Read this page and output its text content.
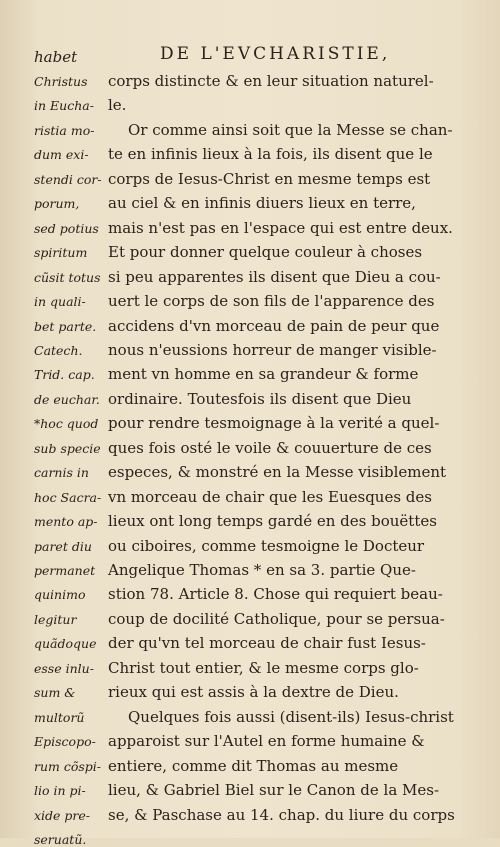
habet	DE L'EVCHARISTIE,
Christus
in Eucha-
ristia mo-
dum exi-
stendi cor-
porum,
sed potius
spiritum
cũsit totus
in quali-
bet parte.
Catech.
Trid. cap.
de euchar.
*hoc quod
sub specie
carnis in
hoc Sacra-
mento ap-
paret diu
permanet
quinimo
legitur
quãdoque
esse inlu-
sum &
multorũ
Episcopo-
rum cõspi-
lio in pi-
xide pre-
seruatũ.
corps distincte & en leur situation naturel-
le.
Or comme ainsi soit que la Messe se chan-
te en infinis lieux à la fois, ils disent que le
corps de Iesus-Christ en mesme temps est
au ciel & en infinis diuers lieux en terre,
mais n'est pas en l'espace qui est entre deux.
Et pour donner quelque couleur à choses
si peu apparentes ils disent que Dieu a cou-
uert le corps de son fils de l'apparence des
accidens d'vn morceau de pain de peur que
nous n'eussions horreur de manger visible-
ment vn homme en sa grandeur & forme
ordinaire. Toutesfois ils disent que Dieu
pour rendre tesmoignage à la verité a quel-
ques fois osté le voile & couuerture de ces
especes, & monstré en la Messe visiblement
vn morceau de chair que les Euesques des
lieux ont long temps gardé en des bouëttes
ou ciboires, comme tesmoigne le Docteur
Angelique Thomas * en sa 3. partie Que-
stion 78. Article 8. Chose qui requiert beau-
coup de docilité Catholique, pour se persua-
der qu'vn tel morceau de chair fust Iesus-
Christ tout entier, & le mesme corps glo-
rieux qui est assis à la dextre de Dieu.
Quelques fois aussi (disent-ils) Iesus-christ
apparoist sur l'Autel en forme humaine &
entiere, comme dit Thomas au mesme
lieu, & Gabriel Biel sur le Canon de la Mes-
se, & Paschase au 14. chap. du liure du corps
